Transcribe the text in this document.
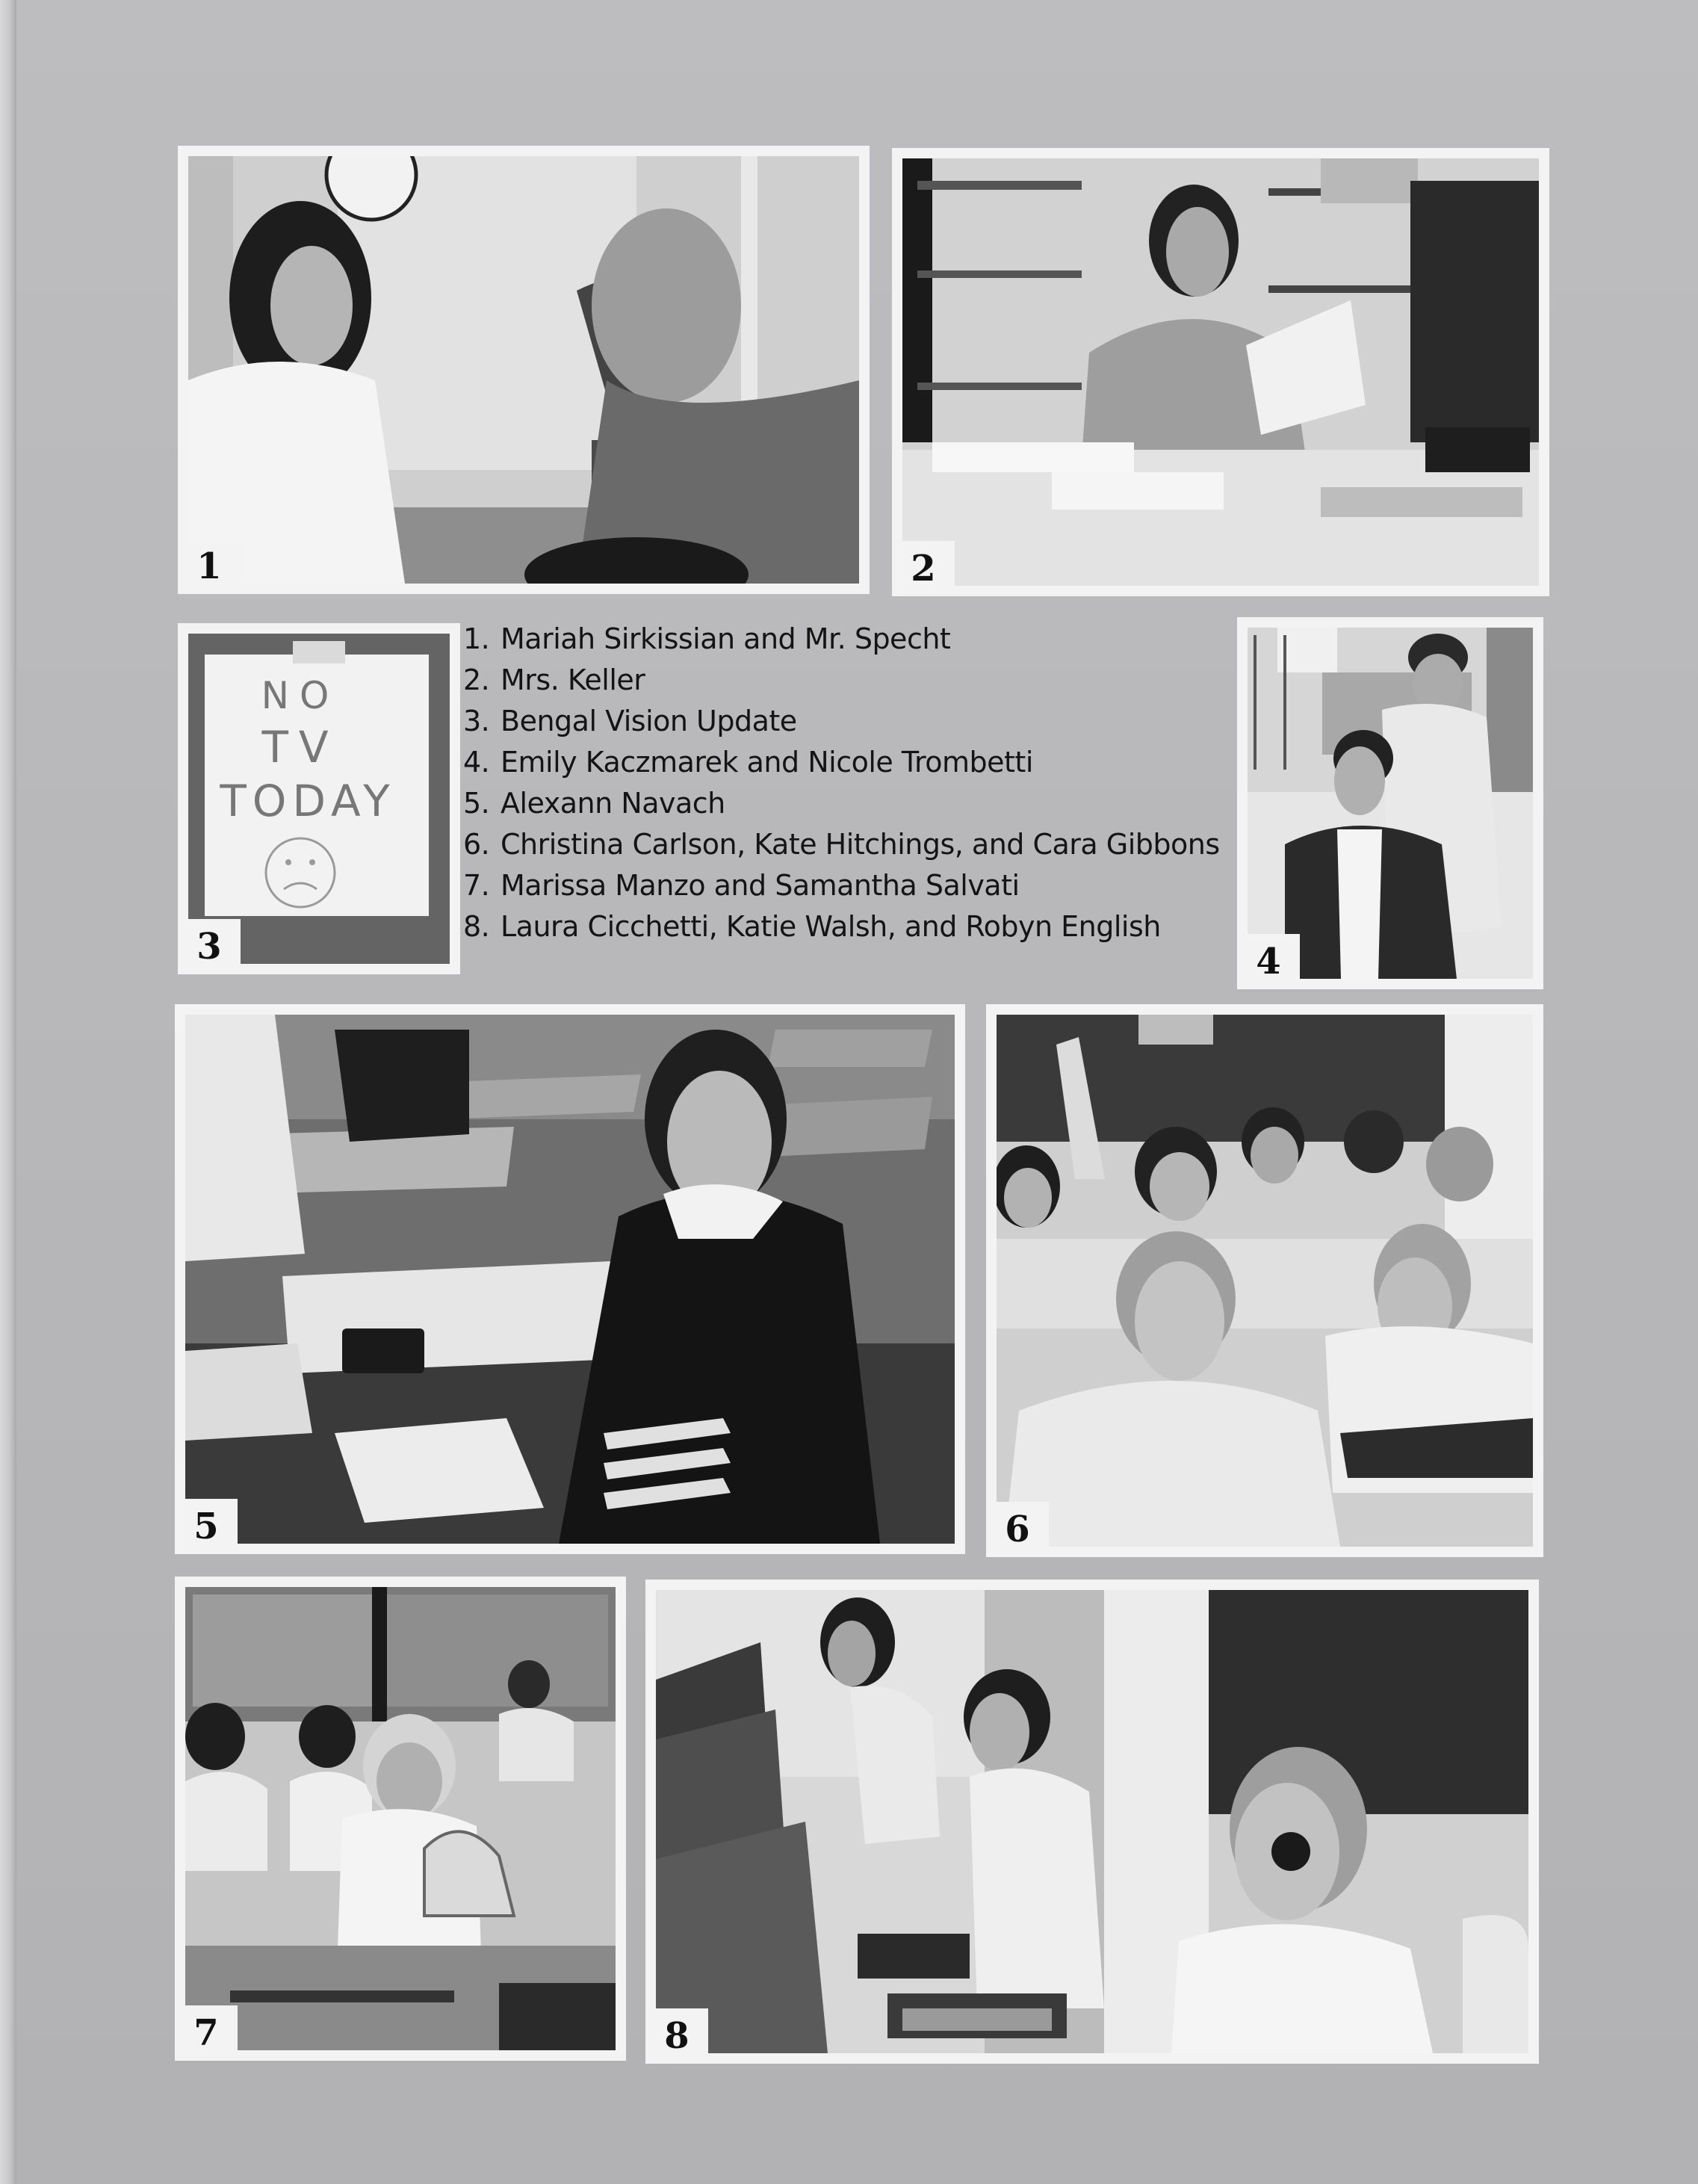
1	2
NO
TV
TODAY
3
1. Mariah Sirkissian and Mr. Specht
2. Mrs. Keller
3. Bengal Vision Update
4. Emily Kaczmarek and Nicole Trombetti
5. Alexann Navach
6. Christina Carlson, Kate Hitchings, and Cara Gibbons
7. Marissa Manzo and Samantha Salvati
8. Laura Cicchetti, Katie Walsh, and Robyn English
4
5	6
7	8
